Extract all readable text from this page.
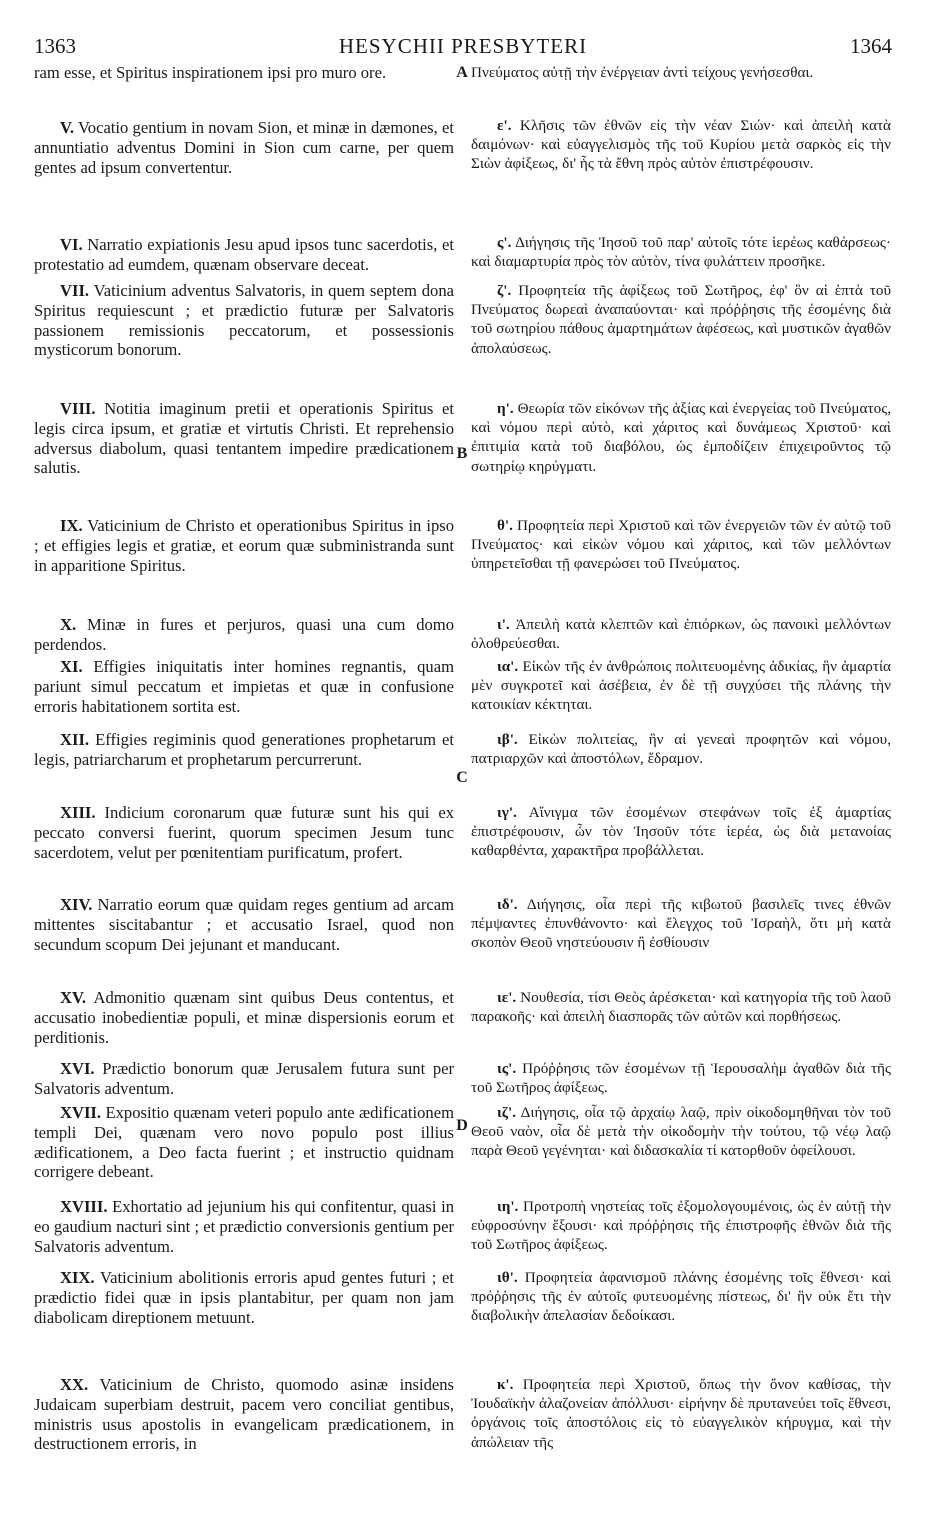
1363	HESYCHII PRESBYTERI	1364
ram esse, et Spiritus inspirationem ipsi pro muro ore.
V. Vocatio gentium in novam Sion, et minæ in dæmones, et annuntiatio adventus Domini in Sion cum carne, per quem gentes ad ipsum convertentur.
VI. Narratio expiationis Jesu apud ipsos tunc sacerdotis, et protestatio ad eumdem, quænam observare deceat.
VII. Vaticinium adventus Salvatoris, in quem septem dona Spiritus requiescunt ; et prædictio futuræ per Salvatoris passionem remissionis peccatorum, et possessionis mysticorum bonorum.
VIII. Notitia imaginum pretii et operationis Spiritus et legis circa ipsum, et gratiæ et virtutis Christi. Et reprehensio adversus diabolum, quasi tentantem impedire prædicationem salutis.
IX. Vaticinium de Christo et operationibus Spiritus in ipso ; et effigies legis et gratiæ, et eorum quæ subministranda sunt in apparitione Spiritus.
X. Minæ in fures et perjuros, quasi una cum domo perdendos.
XI. Effigies iniquitatis inter homines regnantis, quam pariunt simul peccatum et impietas et quæ in confusione erroris habitationem sortita est.
XII. Effigies regiminis quod generationes prophetarum et legis, patriarcharum et prophetarum percurrerunt.
XIII. Indicium coronarum quæ futuræ sunt his qui ex peccato conversi fuerint, quorum specimen Jesum tunc sacerdotem, velut per pœnitentiam purificatum, profert.
XIV. Narratio eorum quæ quidam reges gentium ad arcam mittentes siscitabantur ; et accusatio Israel, quod non secundum scopum Dei jejunant et manducant.
XV. Admonitio quænam sint quibus Deus contentus, et accusatio inobedientiæ populi, et minæ dispersionis eorum et perditionis.
XVI. Prædictio bonorum quæ Jerusalem futura sunt per Salvatoris adventum.
XVII. Expositio quænam veteri populo ante ædificationem templi Dei, quænam vero novo populo post illius ædificationem, a Deo facta fuerint ; et instructio quidnam corrigere debeant.
XVIII. Exhortatio ad jejunium his qui confitentur, quasi in eo gaudium nacturi sint ; et prædictio conversionis gentium per Salvatoris adventum.
XIX. Vaticinium abolitionis erroris apud gentes futuri ; et prædictio fidei quæ in ipsis plantabitur, per quam non jam diabolicam direptionem metuunt.
XX. Vaticinium de Christo, quomodo asinæ insidens Judaicam superbiam destruit, pacem vero conciliat gentibus, ministris usus apostolis in evangelicam prædicationem, in destructionem erroris, in
A
B
C
D
Πνεύματος αὐτῇ τὴν ἐνέργειαν ἀντὶ τείχους γενήσεσθαι.
ε'. Κλῆσις τῶν ἐθνῶν εἰς τὴν νέαν Σιών· καὶ ἀπειλὴ κατὰ δαιμόνων· καὶ εὐαγγελισμὸς τῆς τοῦ Κυρίου μετὰ σαρκὸς εἰς τὴν Σιὼν ἀφίξεως, δι' ἧς τὰ ἔθνη πρὸς αὐτὸν ἐπιστρέφουσιν.
ς'. Διήγησις τῆς Ἰησοῦ τοῦ παρ' αὐτοῖς τότε ἱερέως καθάρσεως· καὶ διαμαρτυρία πρὸς τὸν αὐτὸν, τίνα φυλάττειν προσῆκε.
ζ'. Προφητεία τῆς ἀφίξεως τοῦ Σωτῆρος, ἐφ' ὃν αἱ ἑπτὰ τοῦ Πνεύματος δωρεαὶ ἀναπαύονται· καὶ πρόῤῥησις τῆς ἐσομένης διὰ τοῦ σωτηρίου πάθους ἁμαρτημάτων ἀφέσεως, καὶ μυστικῶν ἀγαθῶν ἀπολαύσεως.
η'. Θεωρία τῶν εἰκόνων τῆς ἀξίας καὶ ἐνεργείας τοῦ Πνεύματος, καὶ νόμου περὶ αὐτὸ, καὶ χάριτος καὶ δυνάμεως Χριστοῦ· καὶ ἐπιτιμία κατὰ τοῦ διαβόλου, ὡς ἐμποδίζειν ἐπιχειροῦντος τῷ σωτηρίῳ κηρύγματι.
θ'. Προφητεία περὶ Χριστοῦ καὶ τῶν ἐνεργειῶν τῶν ἐν αὐτῷ τοῦ Πνεύματος· καὶ εἰκὼν νόμου καὶ χάριτος, καὶ τῶν μελλόντων ὑπηρετεῖσθαι τῇ φανερώσει τοῦ Πνεύματος.
ι'. Ἀπειλὴ κατὰ κλεπτῶν καὶ ἐπιόρκων, ὡς πανοικὶ μελλόντων ὀλοθρεύεσθαι.
ια'. Εἰκὼν τῆς ἐν ἀνθρώποις πολιτευομένης ἀδικίας, ἣν ἁμαρτία μὲν συγκροτεῖ καὶ ἀσέβεια, ἐν δὲ τῇ συγχύσει τῆς πλάνης τὴν κατοικίαν κέκτηται.
ιβ'. Εἰκὼν πολιτείας, ἣν αἱ γενεαὶ προφητῶν καὶ νόμου, πατριαρχῶν καὶ ἀποστόλων, ἔδραμον.
ιγ'. Αἴνιγμα τῶν ἐσομένων στεφάνων τοῖς ἐξ ἁμαρτίας ἐπιστρέφουσιν, ὧν τὸν Ἰησοῦν τότε ἱερέα, ὡς διὰ μετανοίας καθαρθέντα, χαρακτῆρα προβάλλεται.
ιδ'. Διήγησις, οἷα περὶ τῆς κιβωτοῦ βασιλεῖς τινες ἐθνῶν πέμψαντες ἐπυνθάνοντο· καὶ ἔλεγχος τοῦ Ἰσραὴλ, ὅτι μὴ κατὰ σκοπὸν Θεοῦ νηστεύουσιν ἢ ἐσθίουσιν
ιε'. Νουθεσία, τίσι Θεὸς ἀρέσκεται· καὶ κατηγορία τῆς τοῦ λαοῦ παρακοῆς· καὶ ἀπειλὴ διασπορᾶς τῶν αὐτῶν καὶ πορθήσεως.
ις'. Πρόῤῥησις τῶν ἐσομένων τῇ Ἱερουσαλὴμ ἀγαθῶν διὰ τῆς τοῦ Σωτῆρος ἀφίξεως.
ιζ'. Διήγησις, οἷα τῷ ἀρχαίῳ λαῷ, πρὶν οἰκοδομηθῆναι τὸν τοῦ Θεοῦ ναὸν, οἷα δὲ μετὰ τὴν οἰκοδομὴν τὴν τούτου, τῷ νέῳ λαῷ παρὰ Θεοῦ γεγένηται· καὶ διδασκαλία τί κατορθοῦν ὀφείλουσι.
ιη'. Προτροπὴ νηστείας τοῖς ἐξομολογουμένοις, ὡς ἐν αὐτῇ τὴν εὐφροσύνην ἕξουσι· καὶ πρόῤῥησις τῆς ἐπιστροφῆς ἐθνῶν διὰ τῆς τοῦ Σωτῆρος ἀφίξεως.
ιθ'. Προφητεία ἀφανισμοῦ πλάνης ἐσομένης τοῖς ἔθνεσι· καὶ πρόῤῥησις τῆς ἐν αὐτοῖς φυτευομένης πίστεως, δι' ἣν οὐκ ἔτι τὴν διαβολικὴν ἀπελασίαν δεδοίκασι.
κ'. Προφητεία περὶ Χριστοῦ, ὅπως τὴν ὄνον καθίσας, τὴν Ἰουδαϊκὴν ἀλαζονείαν ἀπόλλυσι· εἰρήνην δὲ πρυτανεύει τοῖς ἔθνεσι, ὀργάνοις τοῖς ἀποστόλοις εἰς τὸ εὐαγγελικὸν κήρυγμα, καὶ τὴν ἀπώλειαν τῆς
